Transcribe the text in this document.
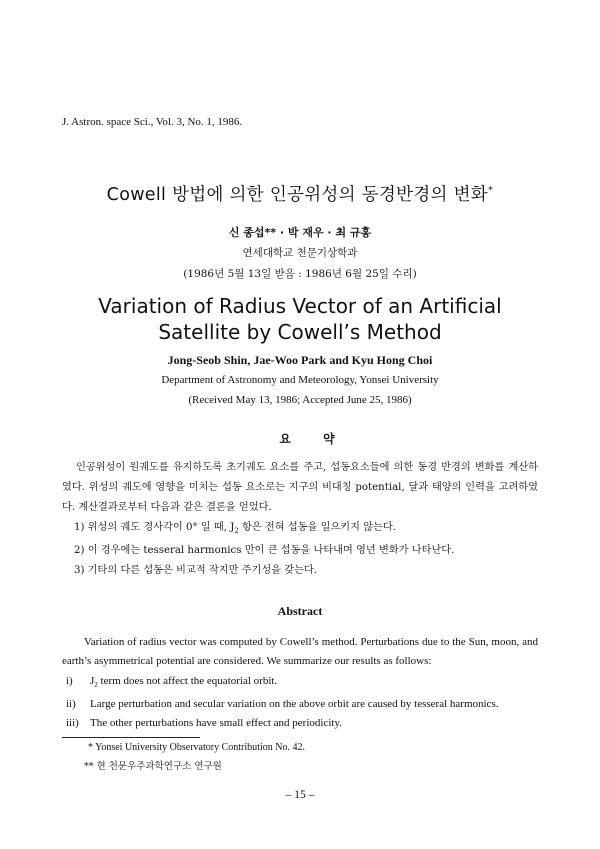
J. Astron. space Sci., Vol. 3, No. 1, 1986.
Cowell 방법에 의한 인공위성의 동경반경의 변화*
신 종섭** · 박 재우 · 최 규홍
연세대학교 천문기상학과
(1986년 5월 13일 받음 : 1986년 6월 25일 수리)
Variation of Radius Vector of an Artificial
Satellite by Cowell’s Method
Jong-Seob Shin, Jae-Woo Park and Kyu Hong Choi
Department of Astronomy and Meteorology, Yonsei University
(Received May 13, 1986; Accepted June 25, 1986)
요 약

인공위성이 원궤도를 유지하도록 초기궤도 요소를 주고, 섭동요소들에 의한 동경 반경의 변화를 계산하였다. 위성의 궤도에 영향을 미치는 섭동 요소로는 지구의 비대칭 potential, 달과 태양의 인력을 고려하였다. 계산결과로부터 다음과 같은 결론을 얻었다.

1) 위성의 궤도 경사각이 0° 일 때, $J_2$ 항은 전혀 섭동을 일으키지 않는다.
2) 이 경우에는 tesseral harmonics 만이 큰 섭동을 나타내며 영년 변화가 나타난다.
3) 기타의 다른 섭동은 비교적 작지만 주기성을 갖는다.
Abstract

Variation of radius vector was computed by Cowell’s method. Perturbations due to the Sun, moon, and earth’s asymmetrical potential are considered. We summarize our results as follows:

i) $J_2$ term does not affect the equatorial orbit.
ii) Large perturbation and secular variation on the above orbit are caused by tesseral harmonics.
iii) The other perturbations have small effect and periodicity.
* Yonsei University Observatory Contribution No. 42.
** 현 천문우주과학연구소 연구원
– 15 –
